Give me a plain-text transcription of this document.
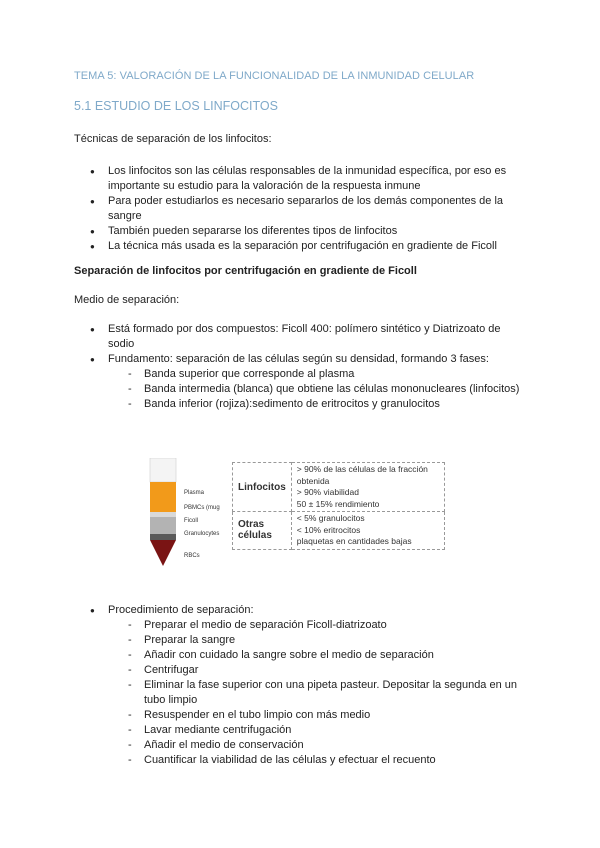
TEMA 5: VALORACIÓN DE LA FUNCIONALIDAD DE LA INMUNIDAD CELULAR
5.1 ESTUDIO DE LOS LINFOCITOS
Técnicas de separación de los linfocitos:
● Los linfocitos son las células responsables de la inmunidad específica, por eso es importante su estudio para la valoración de la respuesta inmune
● Para poder estudiarlos es necesario separarlos de los demás componentes de la sangre
● También pueden separarse los diferentes tipos de linfocitos
● La técnica más usada es la separación por centrifugación en gradiente de Ficoll
Separación de linfocitos por centrifugación en gradiente de Ficoll
Medio de separación:
● Está formado por dos compuestos: Ficoll 400: polímero sintético y Diatrizoato de sodio
● Fundamento: separación de las células según su densidad, formando 3 fases:
- Banda superior que corresponde al plasma
- Banda intermedia (blanca) que obtiene las células mononucleares (linfocitos)
- Banda inferior (rojiza):sedimento de eritrocitos y granulocitos
Plasma
PBMCs (mug
Ficoll
Granulocytes
RBCs
Linfocitos	> 90% de las células de la fracción obtenida
> 90% viabilidad
50 ± 15% rendimiento

Otras células	< 5% granulocitos
< 10% eritrocitos
plaquetas en cantidades bajas
● Procedimiento de separación:
- Preparar el medio de separación Ficoll-diatrizoato
- Preparar la sangre
- Añadir con cuidado la sangre sobre el medio de separación
- Centrifugar
- Eliminar la fase superior con una pipeta pasteur. Depositar la segunda en un tubo limpio
- Resuspender en el tubo limpio con más medio
- Lavar mediante centrifugación
- Añadir el medio de conservación
- Cuantificar la viabilidad de las células y efectuar el recuento
